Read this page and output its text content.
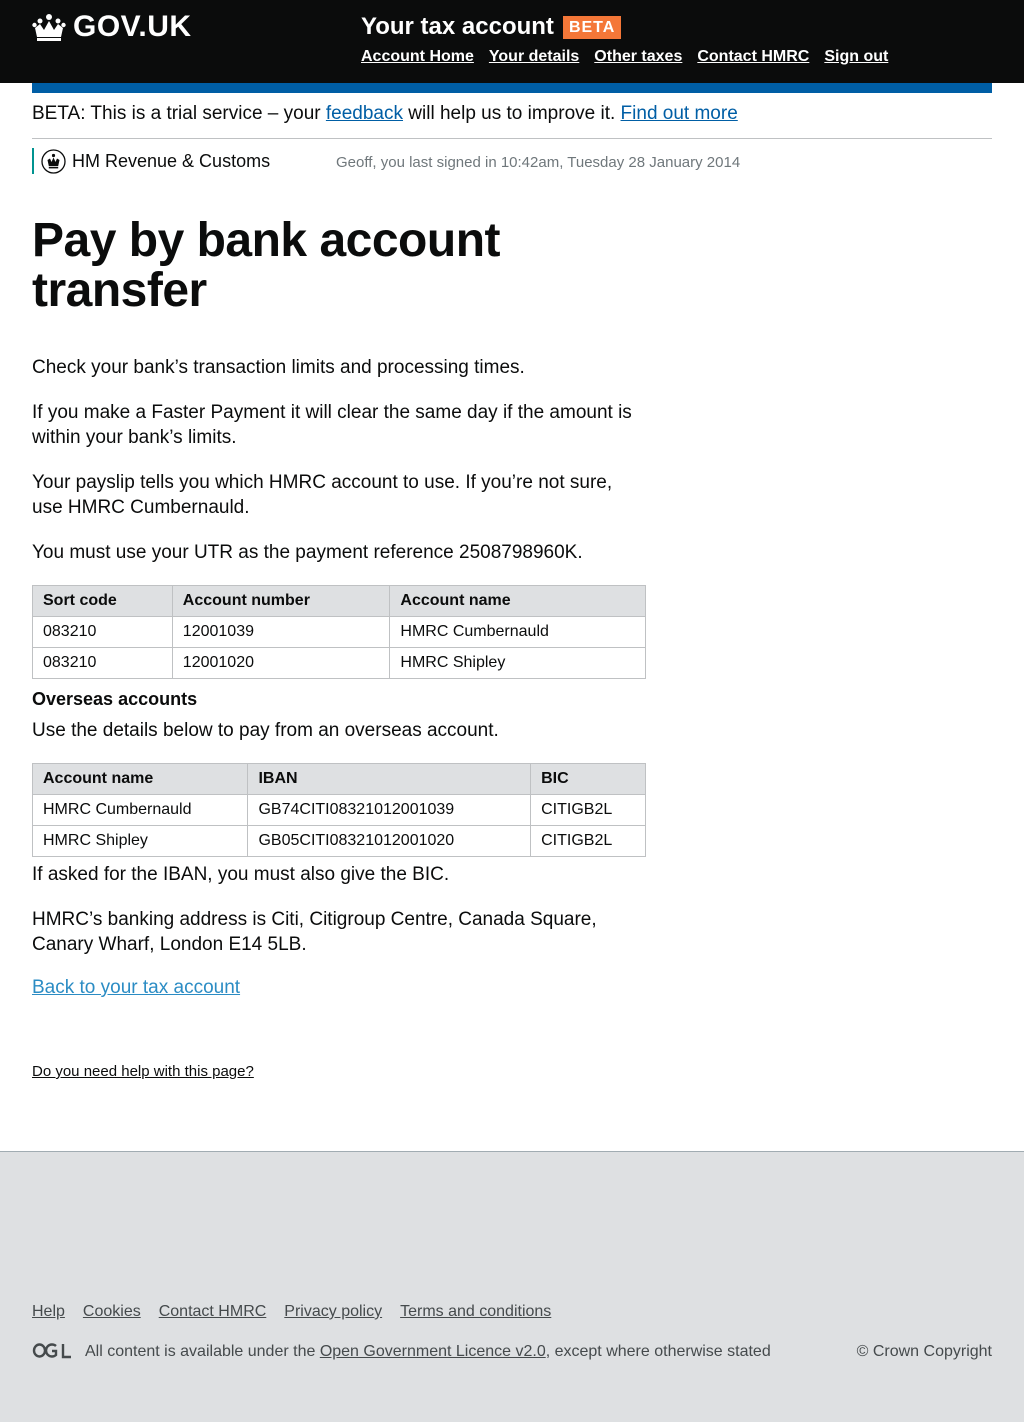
GOV.UK	Your tax account BETA
Account Home Your details Other taxes Contact HMRC Sign out
BETA: This is a trial service – your feedback will help us to improve it. Find out more
HM Revenue & Customs	Geoff, you last signed in 10:42am, Tuesday 28 January 2014
Pay by bank account transfer

Check your bank’s transaction limits and processing times.

If you make a Faster Payment it will clear the same day if the amount is within your bank’s limits.

Your payslip tells you which HMRC account to use. If you’re not sure, use HMRC Cumbernauld.

You must use your UTR as the payment reference 2508798960K.

Sort code	Account number	Account name
083210	12001039	HMRC Cumbernauld
083210	12001020	HMRC Shipley
Overseas accounts

Use the details below to pay from an overseas account.

Account name	IBAN	BIC
HMRC Cumbernauld	GB74CITI08321012001039	CITIGB2L
HMRC Shipley	GB05CITI08321012001020	CITIGB2L

If asked for the IBAN, you must also give the BIC.

HMRC’s banking address is Citi, Citigroup Centre, Canada Square, Canary Wharf, London E14 5LB.

Back to your tax account
Do you need help with this page?
Help Cookies Contact HMRC Privacy policy Terms and conditions
All content is available under the Open Government Licence v2.0, except where otherwise stated	© Crown Copyright
